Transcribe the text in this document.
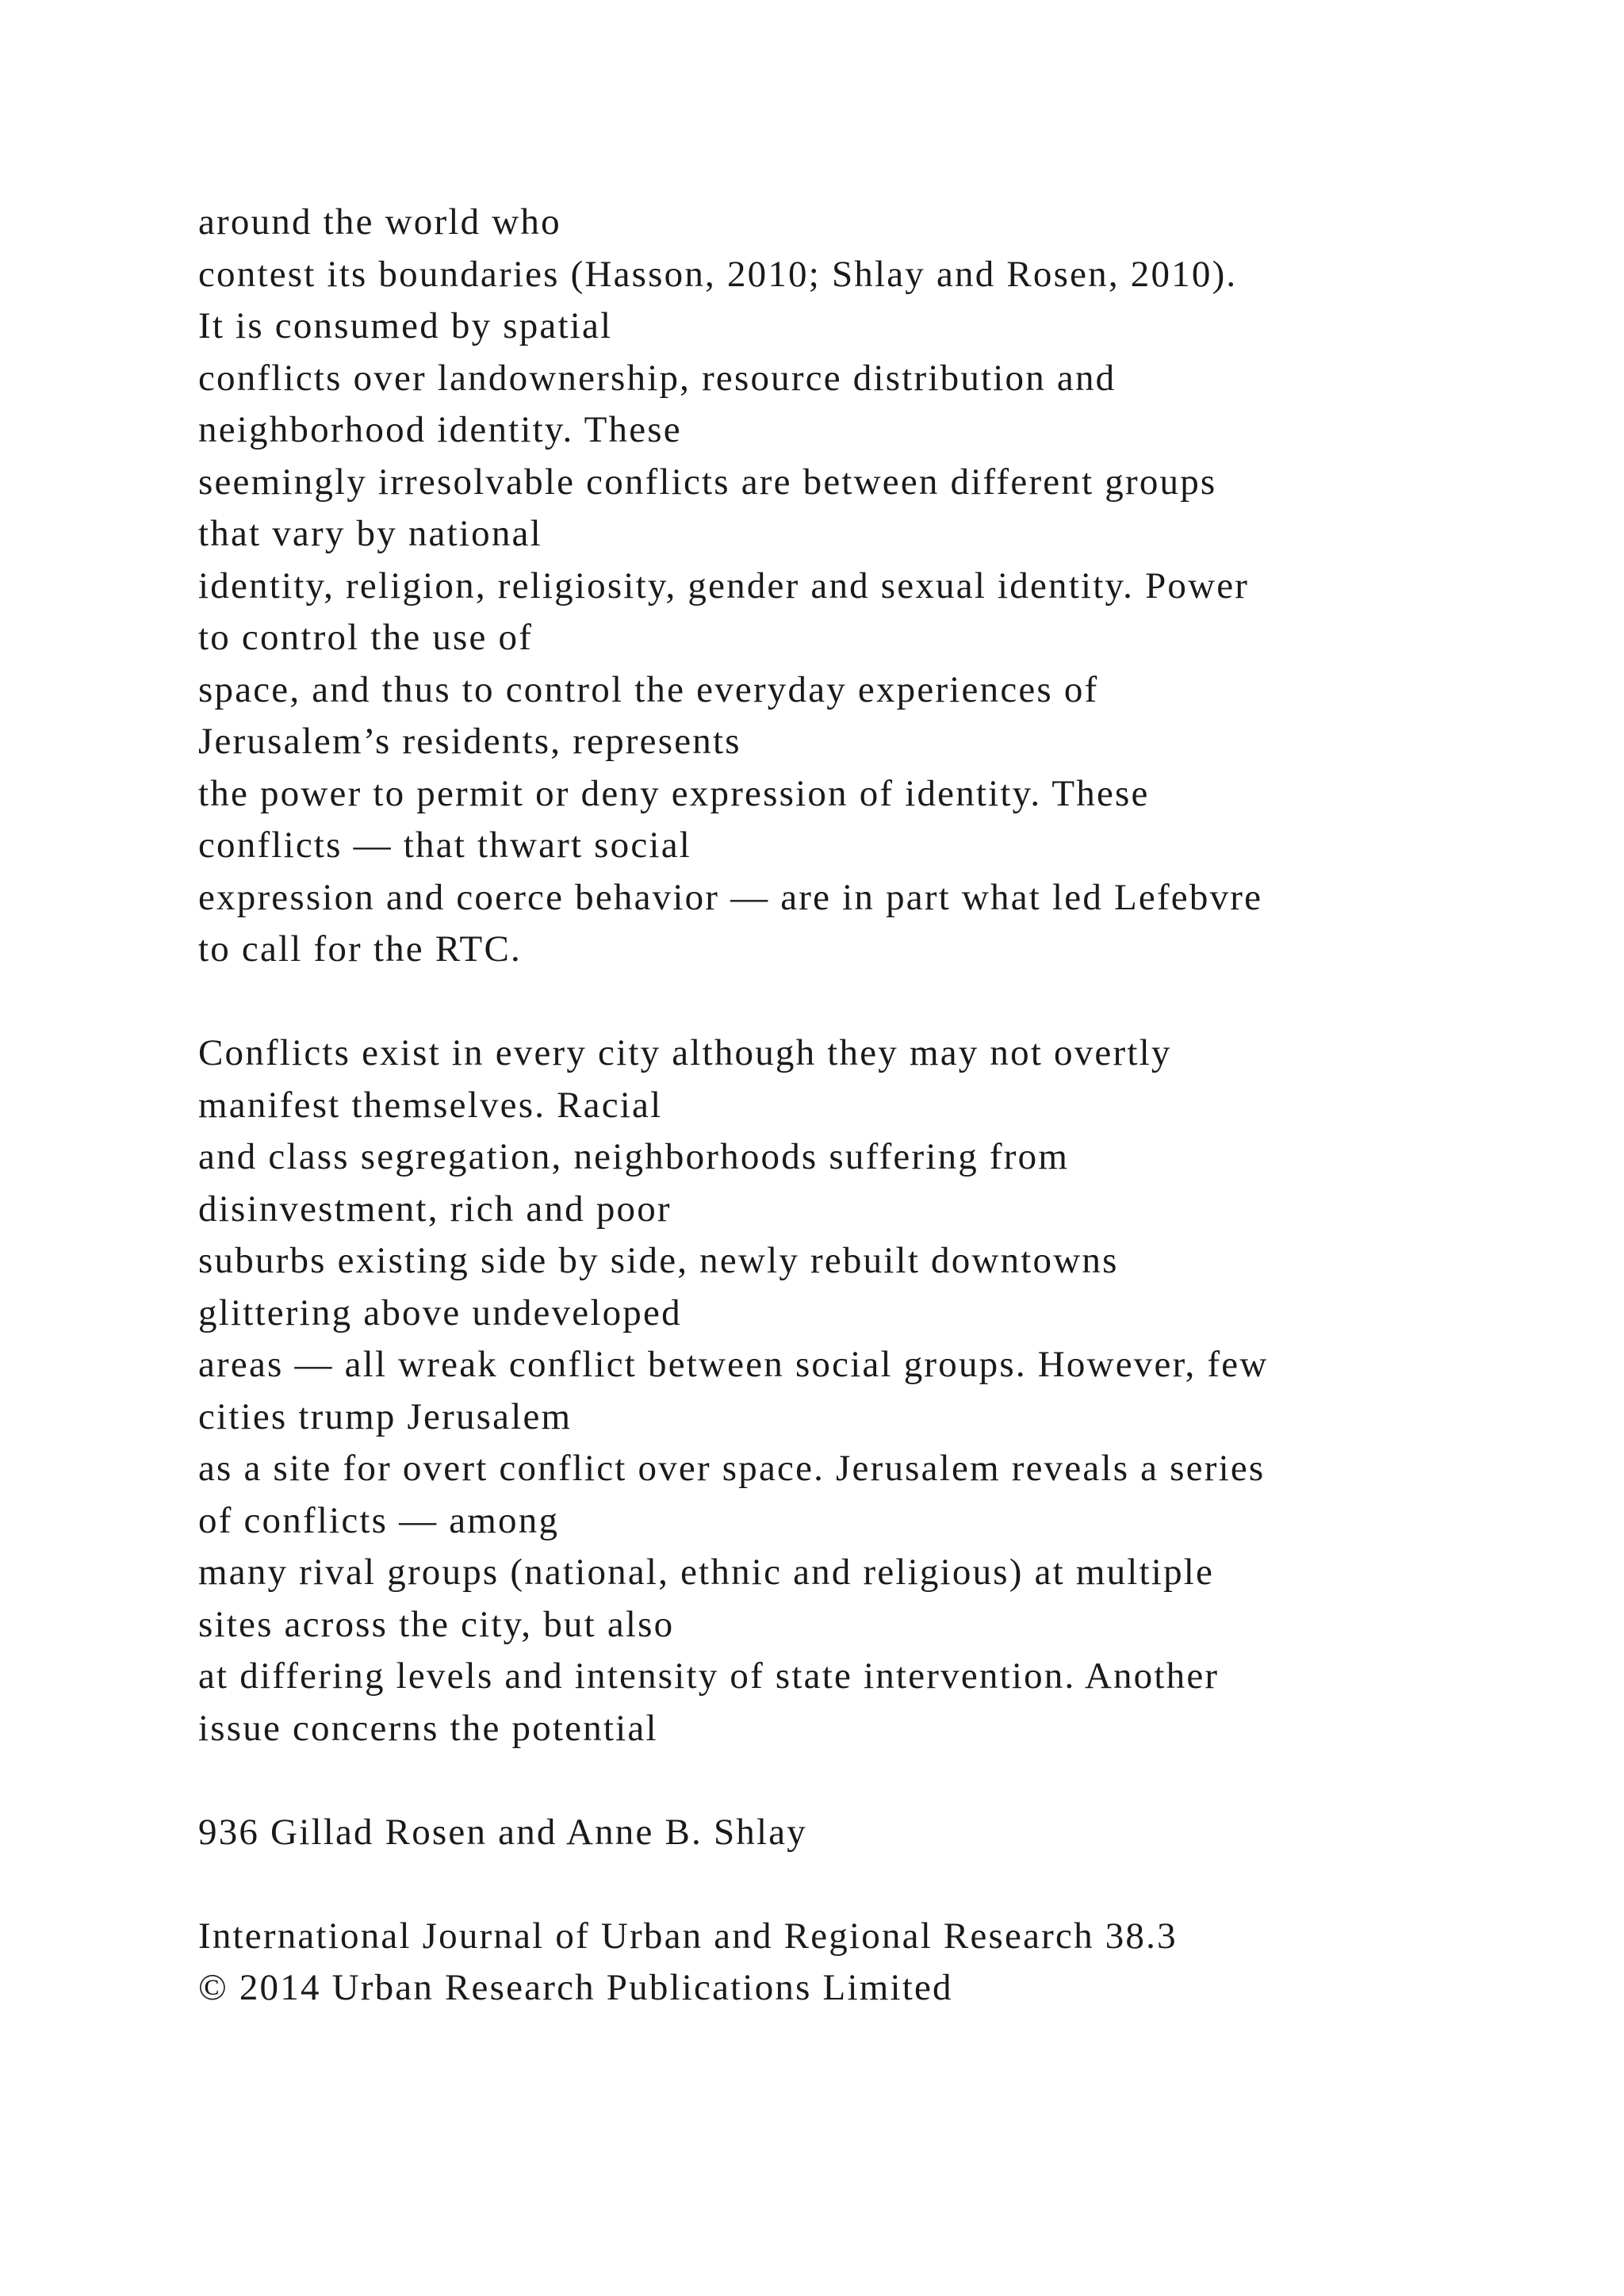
around the world who
contest its boundaries (Hasson, 2010; Shlay and Rosen, 2010).
It is consumed by spatial
conflicts over landownership, resource distribution and
neighborhood identity. These
seemingly irresolvable conflicts are between different groups
that vary by national
identity, religion, religiosity, gender and sexual identity. Power
to control the use of
space, and thus to control the everyday experiences of
Jerusalem’s residents, represents
the power to permit or deny expression of identity. These
conflicts — that thwart social
expression and coerce behavior — are in part what led Lefebvre
to call for the RTC.
Conflicts exist in every city although they may not overtly
manifest themselves. Racial
and class segregation, neighborhoods suffering from
disinvestment, rich and poor
suburbs existing side by side, newly rebuilt downtowns
glittering above undeveloped
areas — all wreak conflict between social groups. However, few
cities trump Jerusalem
as a site for overt conflict over space. Jerusalem reveals a series
of conflicts — among
many rival groups (national, ethnic and religious) at multiple
sites across the city, but also
at differing levels and intensity of state intervention. Another
issue concerns the potential
936 Gillad Rosen and Anne B. Shlay
International Journal of Urban and Regional Research 38.3
© 2014 Urban Research Publications Limited
